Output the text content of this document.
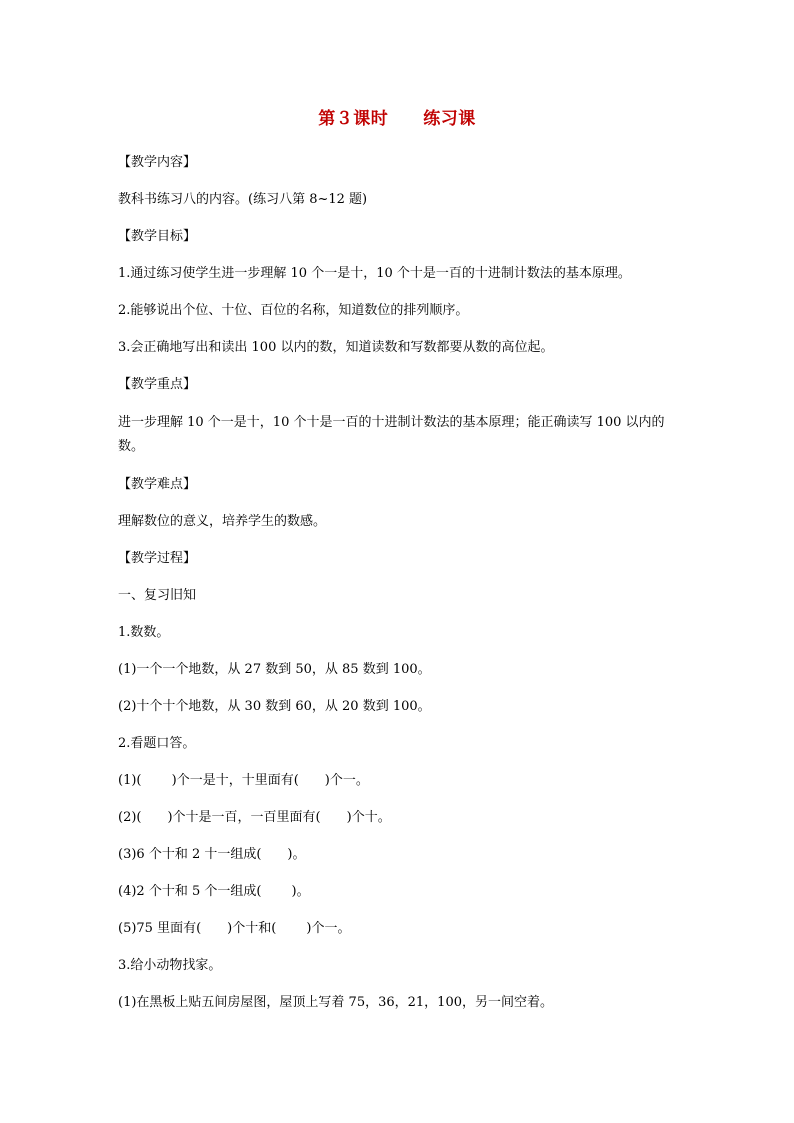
第３课时　　练习课

【教学内容】

教科书练习八的内容。(练习八第 8~12 题)

【教学目标】

1.通过练习使学生进一步理解 10 个一是十，10 个十是一百的十进制计数法的基本原理。

2.能够说出个位、十位、百位的名称，知道数位的排列顺序。

3.会正确地写出和读出 100 以内的数，知道读数和写数都要从数的高位起。

【教学重点】

进一步理解 10 个一是十，10 个十是一百的十进制计数法的基本原理；能正确读写 100 以内的数。

【教学难点】

理解数位的意义，培养学生的数感。

【教学过程】

一、复习旧知

1.数数。

(1)一个一个地数，从 27 数到 50，从 85 数到 100。

(2)十个十个地数，从 30 数到 60，从 20 数到 100。

2.看题口答。

(1)(　　 )个一是十，十里面有(　　)个一。

(2)(　　)个十是一百，一百里面有(　　)个十。

(3)6 个十和 2 十一组成(　　)。

(4)2 个十和 5 个一组成(　　 )。

(5)75 里面有(　　)个十和(　　 )个一。

3.给小动物找家。

(1)在黑板上贴五间房屋图，屋顶上写着 75，36，21，100，另一间空着。
